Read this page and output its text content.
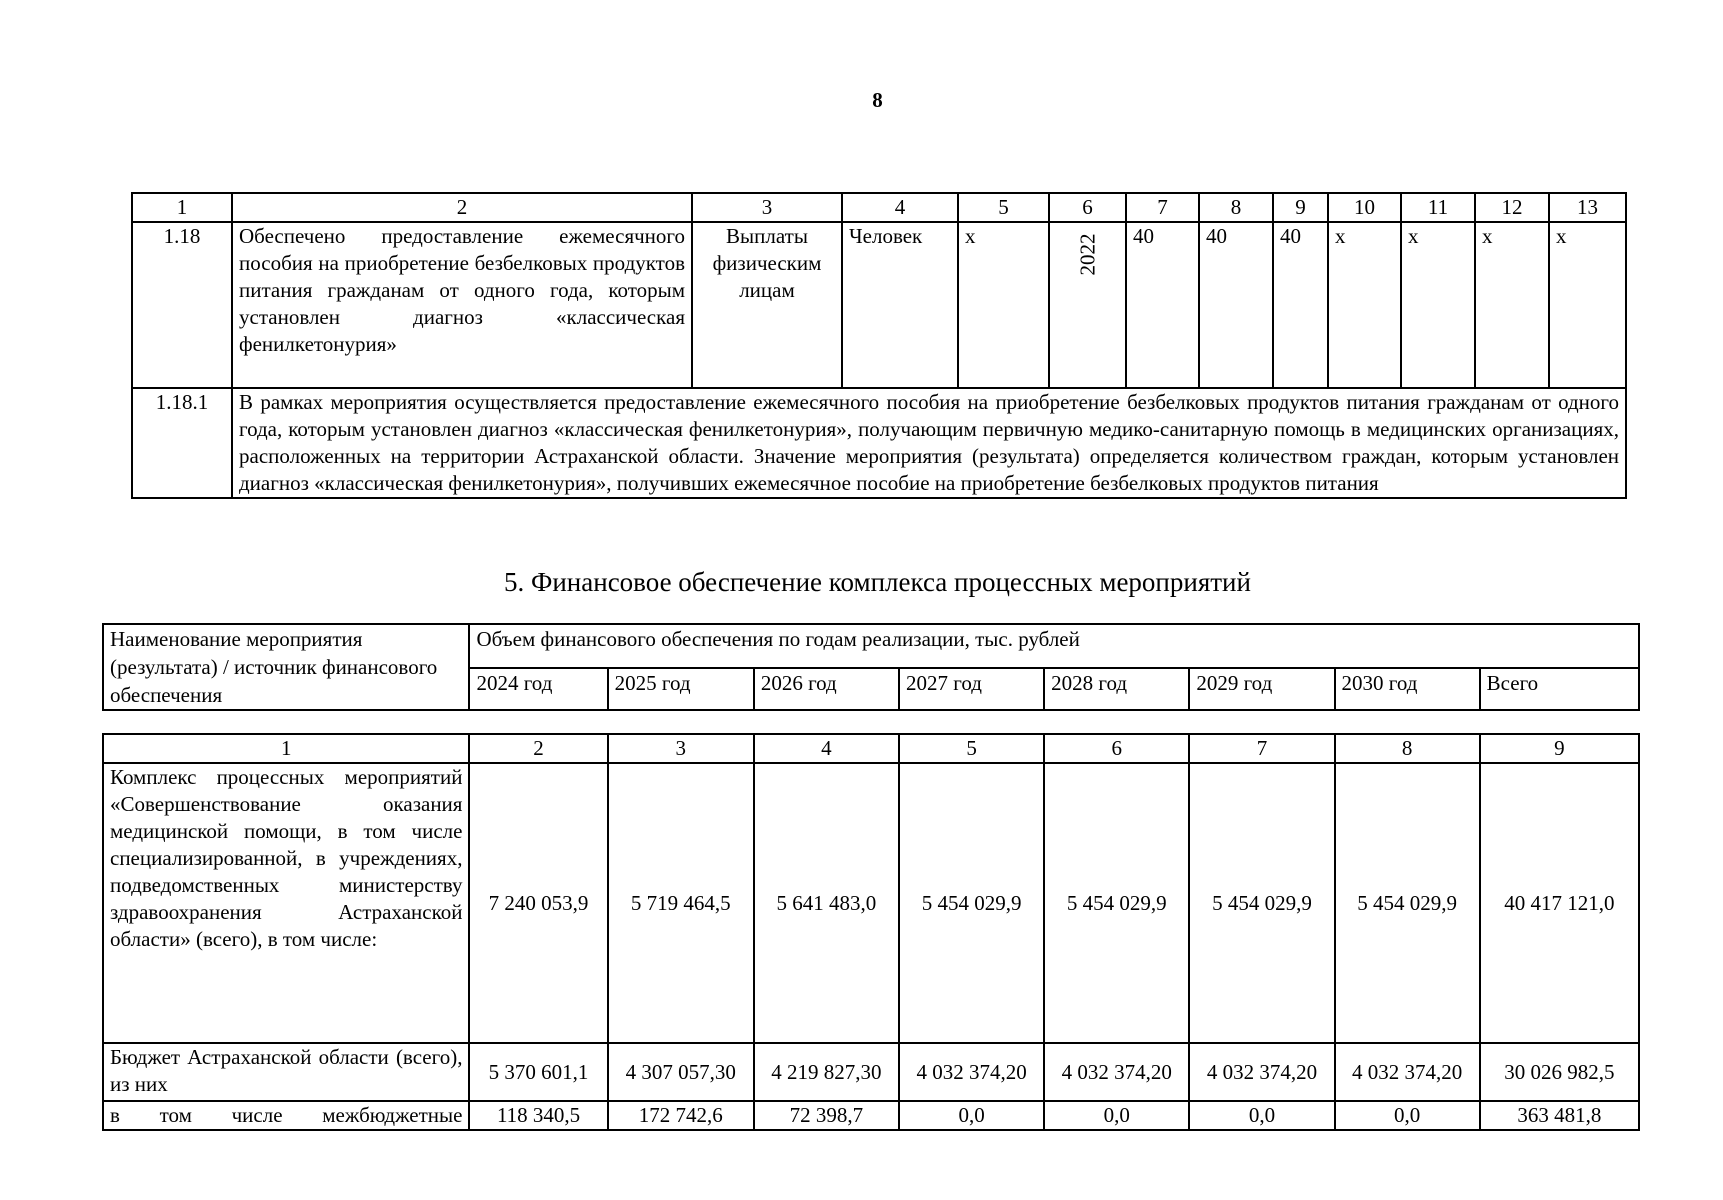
8
1	2	3	4	5	6	7	8	9	10	11	12	13
1.18	Обеспечено предоставление ежемесячного пособия на приобретение безбелковых продуктов питания гражданам от одного года, которым установлен диагноз «классическая фенилкетонурия»	Выплаты физическим лицам	Человек	х	2022	40	40	40	х	х	х	х
1.18.1	В рамках мероприятия осуществляется предоставление ежемесячного пособия на приобретение безбелковых продуктов питания гражданам от одного года, которым установлен диагноз «классическая фенилкетонурия», получающим первичную медико-санитарную помощь в медицинских организациях, расположенных на территории Астраханской области. Значение мероприятия (результата) определяется количеством граждан, которым установлен диагноз «классическая фенилкетонурия», получивших ежемесячное пособие на приобретение безбелковых продуктов питания											
5. Финансовое обеспечение комплекса процессных мероприятий
Наименование мероприятия (результата) / источник финансового обеспечения	Объем финансового обеспечения по годам реализации, тыс. рублей							
	2024 год	2025 год	2026 год	2027 год	2028 год	2029 год	2030 год	Всего
1	2	3	4	5	6	7	8	9
Комплекс процессных мероприятий «Совершенствование оказания медицинской помощи, в том числе специализированной, в учреждениях, подведомственных министерству здравоохранения Астраханской области» (всего), в том числе:	7 240 053,9	5 719 464,5	5 641 483,0	5 454 029,9	5 454 029,9	5 454 029,9	5 454 029,9	40 417 121,0
Бюджет Астраханской области (всего), из них	5 370 601,1	4 307 057,30	4 219 827,30	4 032 374,20	4 032 374,20	4 032 374,20	4 032 374,20	30 026 982,5
в том числе межбюджетные	118 340,5	172 742,6	72 398,7	0,0	0,0	0,0	0,0	363 481,8
